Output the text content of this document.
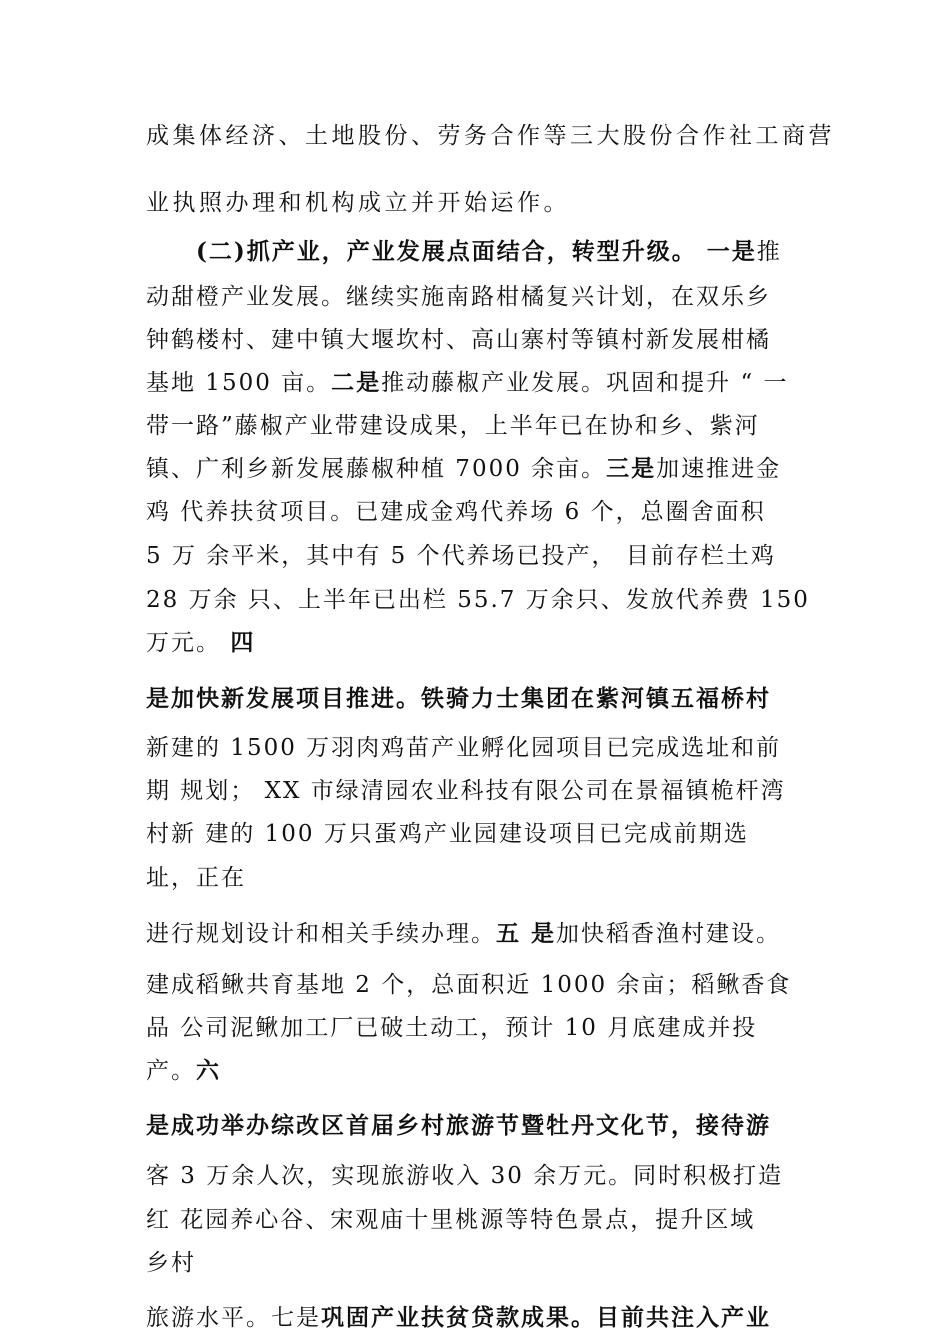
成集体经济、土地股份、劳务合作等三大股份合作社工商营

业执照办理和机构成立并开始运作。

(二)抓产业，产业发展点面结合，转型升级。 一是推

动甜橙产业发展。继续实施南路柑橘复兴计划，在双乐乡

钟鹤楼村、建中镇大堰坎村、高山寨村等镇村新发展柑橘

基地 1500 亩。二是推动藤椒产业发展。巩固和提升 “ 一

带一路”藤椒产业带建设成果，上半年已在协和乡、紫河

镇、广利乡新发展藤椒种植 7000 余亩。三是加速推进金

鸡 代养扶贫项目。已建成金鸡代养场 6 个，总圈舍面积

5 万 余平米，其中有 5 个代养场已投产， 目前存栏土鸡

28 万余 只、上半年已出栏 55.7 万余只、发放代养费 150

万元。 四

是加快新发展项目推进。铁骑力士集团在紫河镇五福桥村

新建的 1500 万羽肉鸡苗产业孵化园项目已完成选址和前

期 规划； XX 市绿清园农业科技有限公司在景福镇桅杆湾

村新 建的 100 万只蛋鸡产业园建设项目已完成前期选

址，正在

进行规划设计和相关手续办理。五 是加快稻香渔村建设。

建成稻鳅共育基地 2 个，总面积近 1000 余亩；稻鳅香食

品 公司泥鳅加工厂已破土动工，预计 10 月底建成并投

产。六

是成功举办综改区首届乡村旅游节暨牡丹文化节，接待游

客 3 万余人次，实现旅游收入 30 余万元。同时积极打造

红 花园养心谷、宋观庙十里桃源等特色景点，提升区域

乡村

旅游水平。七是巩固产业扶贫贷款成果。目前共注入产业
